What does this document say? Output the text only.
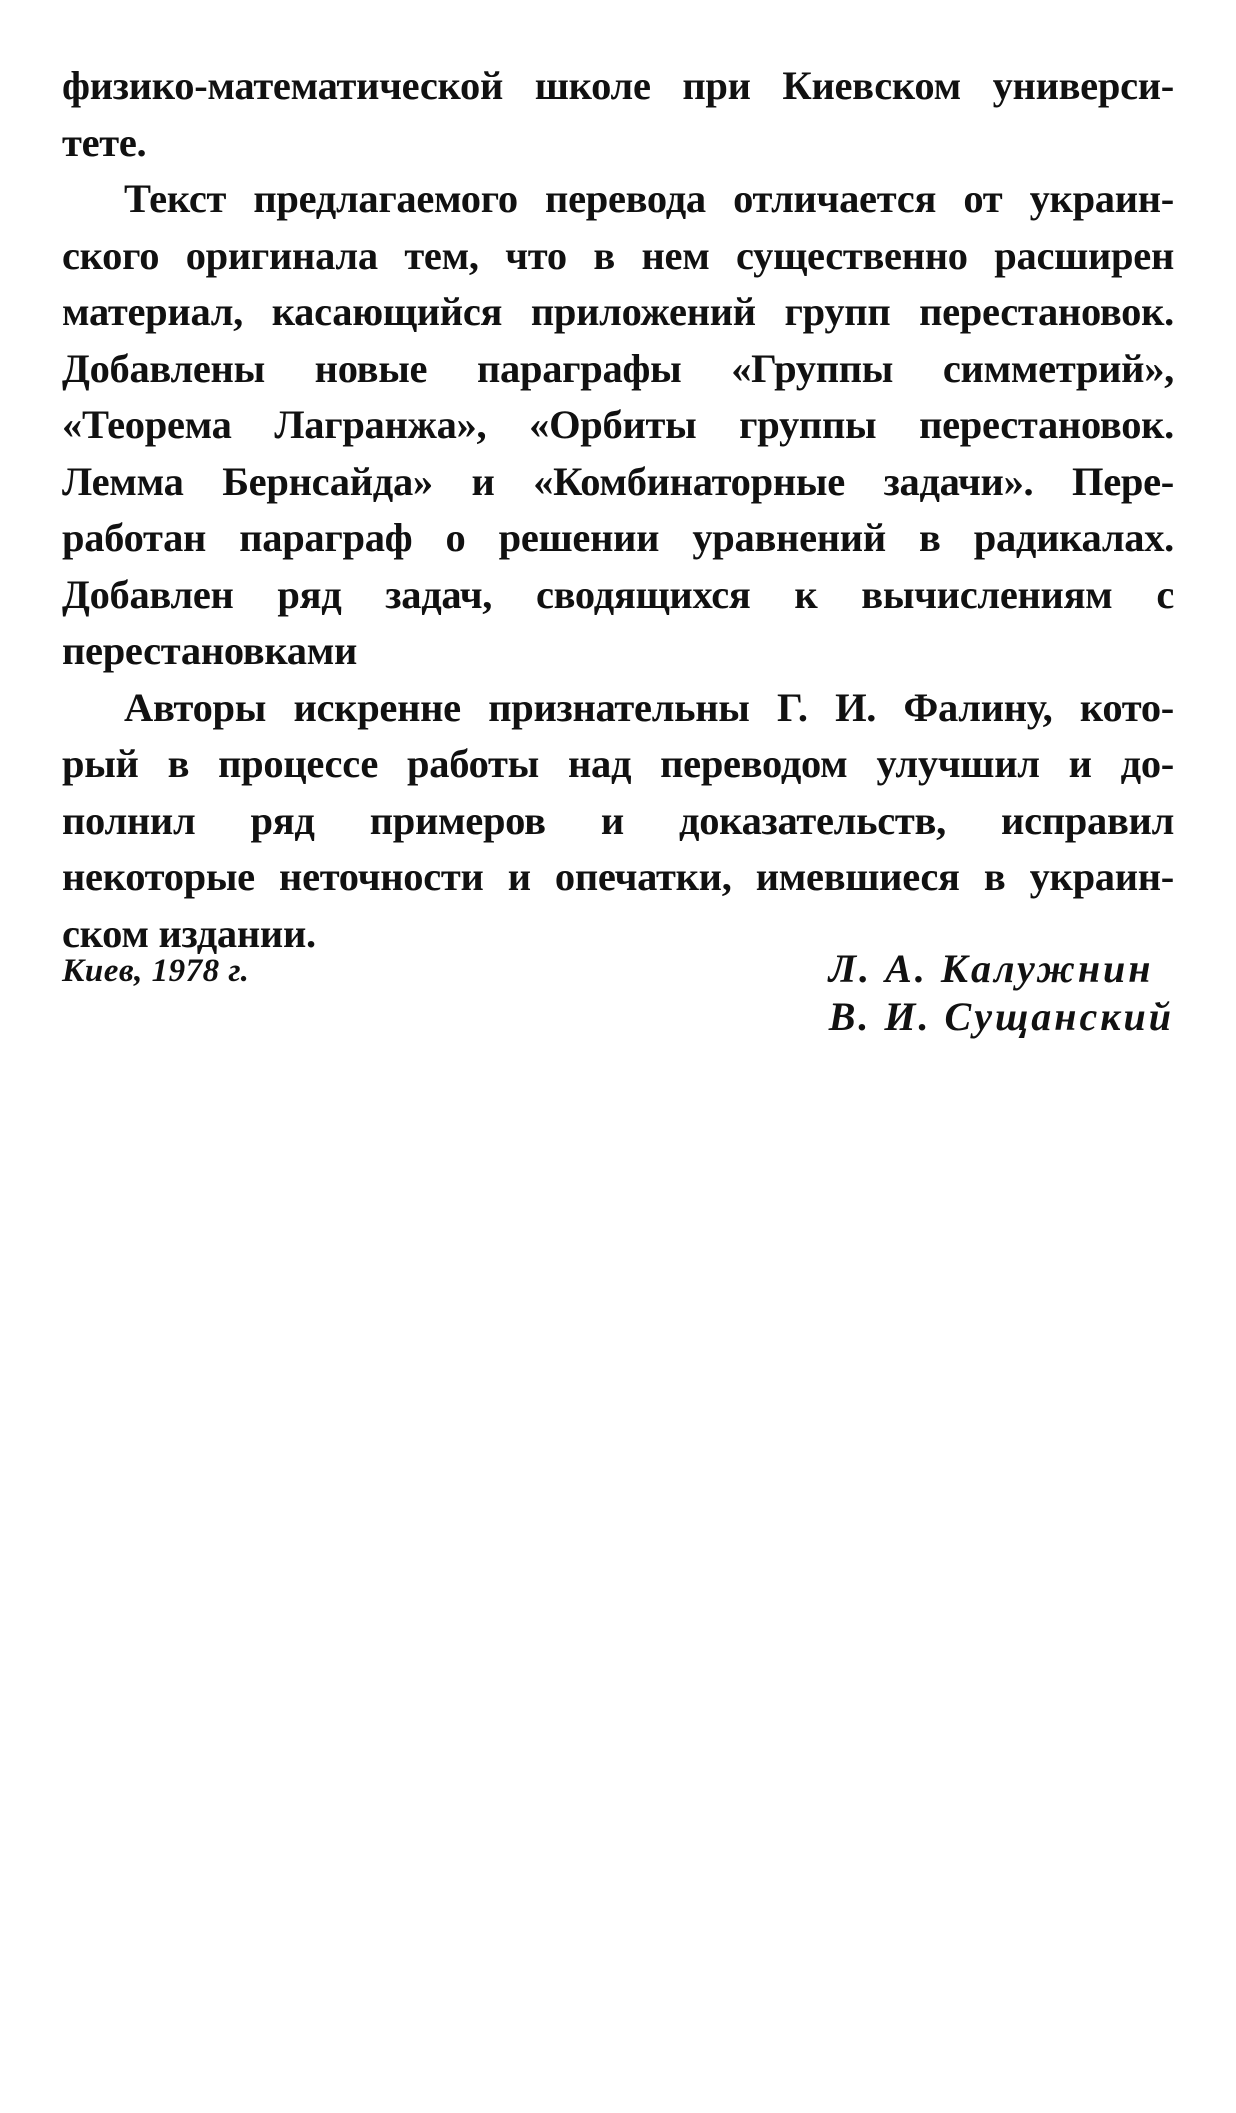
физико-математической школе при Киевском универси-
тете.
Текст предлагаемого перевода отличается от украин-
ского оригинала тем, что в нем существенно расширен
материал, касающийся приложений групп перестановок.
Добавлены новые параграфы «Группы симметрий»,
«Теорема Лагранжа», «Орбиты группы перестановок.
Лемма Бернсайда» и «Комбинаторные задачи». Пере-
работан параграф о решении уравнений в радикалах.
Добавлен ряд задач, сводящихся к вычислениям с
перестановками
Авторы искренне признательны Г. И. Фалину, кото-
рый в процессе работы над переводом улучшил и до-
полнил ряд примеров и доказательств, исправил
некоторые неточности и опечатки, имевшиеся в украин-
ском издании.
Киев, 1978 г.	Л. А. Калужнин
В. И. Сущанский
